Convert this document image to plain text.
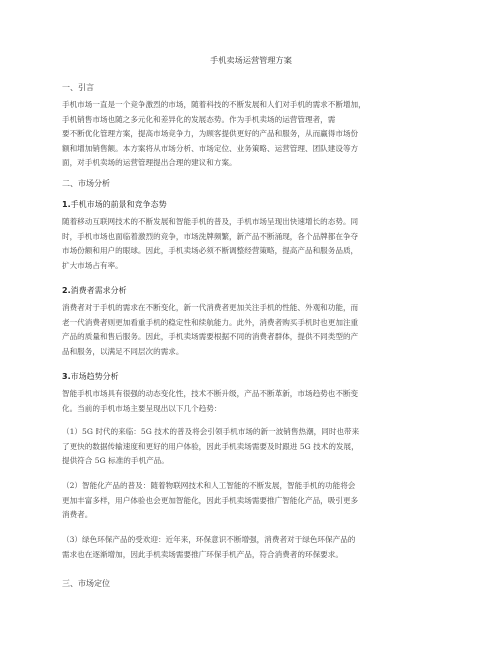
手机卖场运营管理方案
一、引言
手机市场一直是一个竞争激烈的市场，随着科技的不断发展和人们对手机的需求不断增加，
手机销售市场也随之多元化和差异化的发展态势。作为手机卖场的运营管理者，需
要不断优化管理方案，提高市场竞争力，为顾客提供更好的产品和服务，从而赢得市场份
额和增加销售额。本方案将从市场分析、市场定位、业务策略、运营管理、团队建设等方
面，对手机卖场的运营管理提出合理的建议和方案。
二、市场分析
1.手机市场的前景和竞争态势
随着移动互联网技术的不断发展和智能手机的普及，手机市场呈现出快速增长的态势。同
时，手机市场也面临着激烈的竞争，市场洗牌频繁，新产品不断涌现，各个品牌都在争夺
市场份额和用户的眼球。因此，手机卖场必须不断调整经营策略，提高产品和服务品质，
扩大市场占有率。
2.消费者需求分析
消费者对于手机的需求在不断变化，新一代消费者更加关注手机的性能、外观和功能，而
老一代消费者则更加看重手机的稳定性和续航能力。此外，消费者购买手机时也更加注重
产品的质量和售后服务。因此，手机卖场需要根据不同的消费者群体，提供不同类型的产
品和服务，以满足不同层次的需求。
3.市场趋势分析
智能手机市场具有很强的动态变化性，技术不断升级，产品不断革新，市场趋势也不断变
化。当前的手机市场主要呈现出以下几个趋势：
（1）5G 时代的来临：5G 技术的普及将会引领手机市场的新一波销售热潮，同时也带来
了更快的数据传输速度和更好的用户体验，因此手机卖场需要及时跟进 5G 技术的发展，
提供符合 5G 标准的手机产品。
（2）智能化产品的普及：随着物联网技术和人工智能的不断发展，智能手机的功能将会
更加丰富多样，用户体验也会更加智能化，因此手机卖场需要推广智能化产品，吸引更多
消费者。
（3）绿色环保产品的受欢迎：近年来，环保意识不断增强，消费者对于绿色环保产品的
需求也在逐渐增加，因此手机卖场需要推广环保手机产品，符合消费者的环保要求。
三、市场定位
